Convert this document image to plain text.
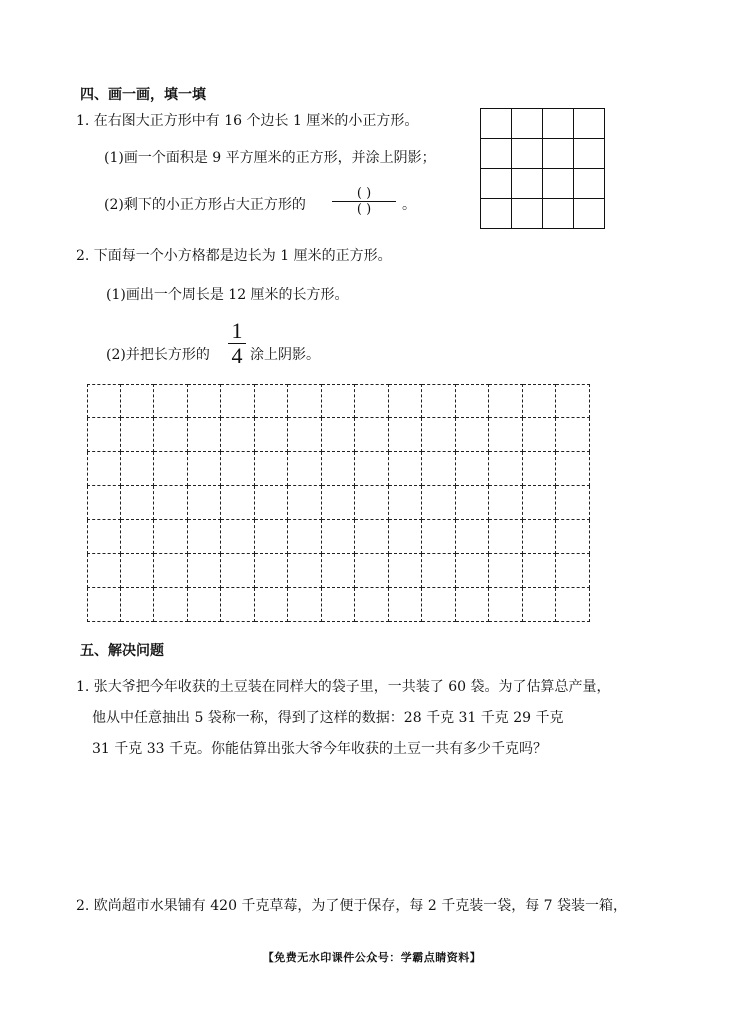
四、画一画，填一填
1. 在右图大正方形中有 16 个边长 1 厘米的小正方形。
(1)画一个面积是 9 平方厘米的正方形，并涂上阴影；
(2)剩下的小正方形占大正方形的
( )
( )	。

2. 下面每一个小方格都是边长为 1 厘米的正方形。
(1)画出一个周长是 12 厘米的长方形。
(2)并把长方形的
1
4 涂上阴影。
五、解决问题
1. 张大爷把今年收获的土豆装在同样大的袋子里，一共装了 60 袋。为了估算总产量，
他从中任意抽出 5 袋称一称，得到了这样的数据：28 千克 31 千克 29 千克
31 千克 33 千克。你能估算出张大爷今年收获的土豆一共有多少千克吗？
2. 欧尚超市水果铺有 420 千克草莓，为了便于保存，每 2 千克装一袋，每 7 袋装一箱，
【免费无水印课件公众号：学霸点睛资料】
